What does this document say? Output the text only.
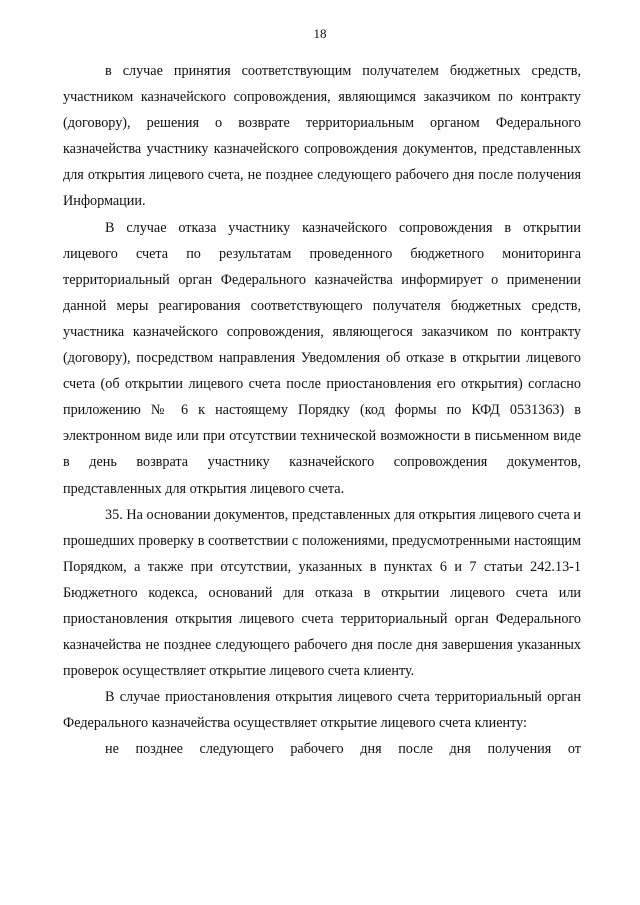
18

в случае принятия соответствующим получателем бюджетных средств, участником казначейского сопровождения, являющимся заказчиком по контракту (договору), решения о возврате территориальным органом Федерального казначейства участнику казначейского сопровождения документов, представленных для открытия лицевого счета, не позднее следующего рабочего дня после получения Информации.

В случае отказа участнику казначейского сопровождения в открытии лицевого счета по результатам проведенного бюджетного мониторинга территориальный орган Федерального казначейства информирует о применении данной меры реагирования соответствующего получателя бюджетных средств, участника казначейского сопровождения, являющегося заказчиком по контракту (договору), посредством направления Уведомления об отказе в открытии лицевого счета (об открытии лицевого счета после приостановления его открытия) согласно приложению № 6 к настоящему Порядку (код формы по КФД 0531363) в электронном виде или при отсутствии технической возможности в письменном виде в день возврата участнику казначейского сопровождения документов, представленных для открытия лицевого счета.

35. На основании документов, представленных для открытия лицевого счета и прошедших проверку в соответствии с положениями, предусмотренными настоящим Порядком, а также при отсутствии, указанных в пунктах 6 и 7 статьи 242.13-1 Бюджетного кодекса, оснований для отказа в открытии лицевого счета или приостановления открытия лицевого счета территориальный орган Федерального казначейства не позднее следующего рабочего дня после дня завершения указанных проверок осуществляет открытие лицевого счета клиенту.

В случае приостановления открытия лицевого счета территориальный орган Федерального казначейства осуществляет открытие лицевого счета клиенту:

не позднее следующего рабочего дня после дня получения от
